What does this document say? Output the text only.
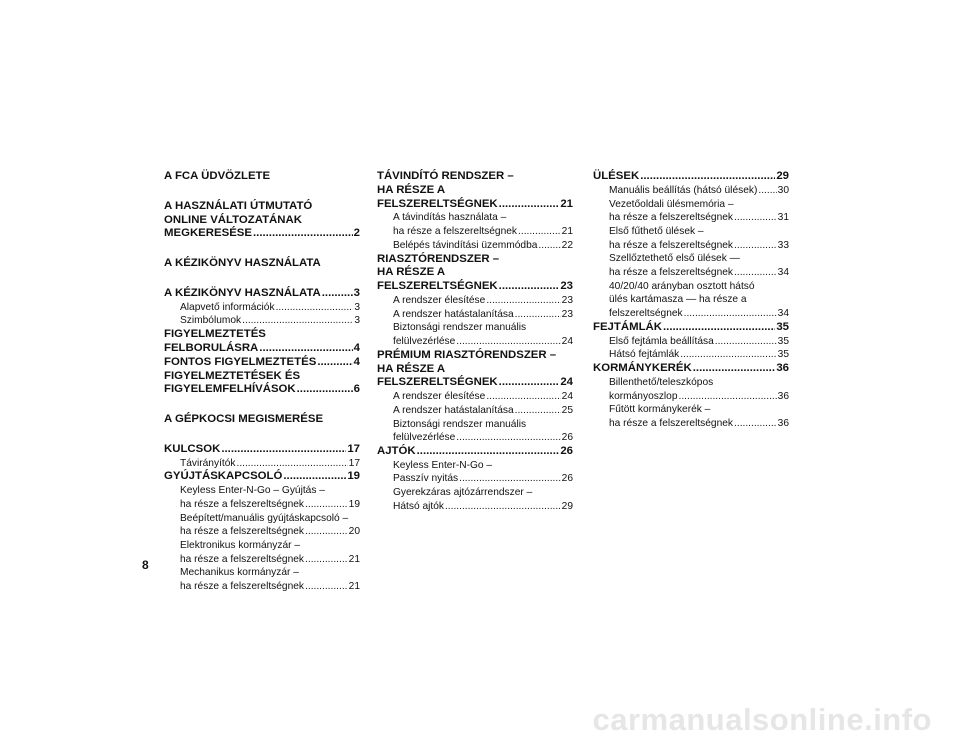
A FCA ÜDVÖZLETE
A HASZNÁLATI ÚTMUTATÓ
ONLINE VÁLTOZATÁNAK
MEGKERESÉSE .....	2
A KÉZIKÖNYV HASZNÁLATA
A KÉZIKÖNYV HASZNÁLATA .....	3
Alapvető információk .....	3
Szimbólumok .....	3
FIGYELMEZTETÉS
FELBORULÁSRA .....	4
FONTOS FIGYELMEZTETÉS .....	4
FIGYELMEZTETÉSEK ÉS
FIGYELEMFELHÍVÁSOK .....	6
A GÉPKOCSI MEGISMERÉSE
KULCSOK .....	17
Távirányítók .....	17
GYÚJTÁSKAPCSOLÓ .....	19
Keyless Enter-N-Go – Gyújtás –
ha része a felszereltségnek .....	19
Beépített/manuális gyújtáskapcsoló –
ha része a felszereltségnek .....	20
Elektronikus kormányzár –
ha része a felszereltségnek .....	21
Mechanikus kormányzár –
ha része a felszereltségnek .....	21
TÁVINDÍTÓ RENDSZER –
HA RÉSZE A
FELSZERELTSÉGNEK .....	21
A távindítás használata –
ha része a felszereltségnek .....	21
Belépés távindítási üzemmódba ..... 22
RIASZTÓRENDSZER –
HA RÉSZE A
FELSZERELTSÉGNEK .....	23
A rendszer élesítése .....	23
A rendszer hatástalanítása .....	23
Biztonsági rendszer manuális
felülvezérlése .....	24
PRÉMIUM RIASZTÓRENDSZER –
HA RÉSZE A
FELSZERELTSÉGNEK .....	24
A rendszer élesítése .....	24
A rendszer hatástalanítása .....	25
Biztonsági rendszer manuális
felülvezérlése .....	26
AJTÓK .....	26
Keyless Enter-N-Go –
Passzív nyitás .....	26
Gyerekzáras ajtózárrendszer –
Hátsó ajtók .....	29
ÜLÉSEK .....	29
Manuális beállítás (hátsó ülések) ..... 30
Vezetőoldali ülésmemória –
ha része a felszereltségnek .....	31
Első fűthető ülések –
ha része a felszereltségnek .....	33
Szellőztethető első ülések —
ha része a felszereltségnek .....	34
40/20/40 arányban osztott hátsó
ülés kartámasza — ha része a
felszereltségnek .....	34
FEJTÁMLÁK .....	35
Első fejtámla beállítása .....	35
Hátsó fejtámlák .....	35
KORMÁNYKERÉK .....	36
Billenthető/teleszkópos
kormányoszlop .....	36
Fűtött kormánykerék –
ha része a felszereltségnek .....	36
8
carmanualsonline.info
